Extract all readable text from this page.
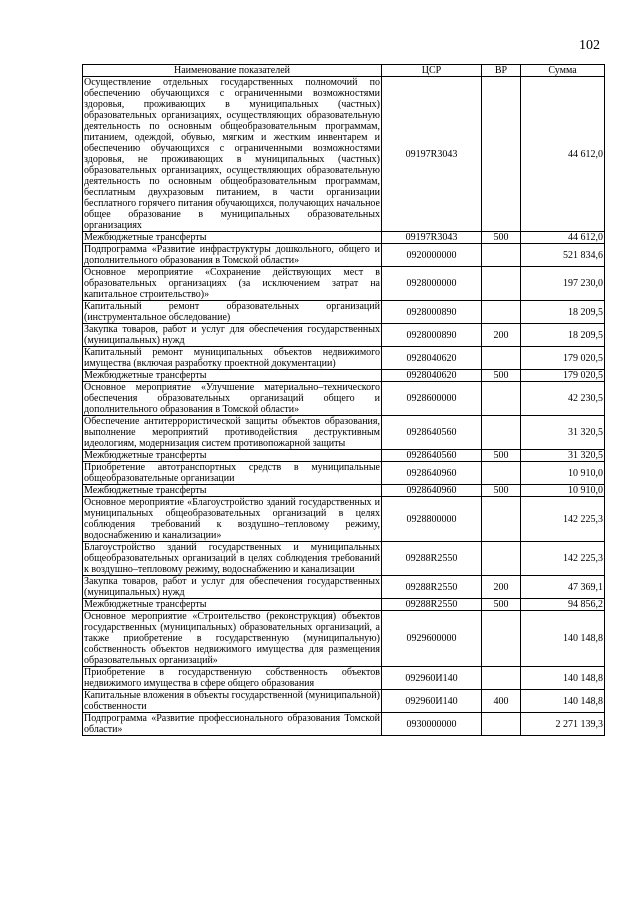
102
Наименование показателей	ЦСР	ВР	Сумма
Осуществление отдельных государственных полномочий по обеспечению обучающихся с ограниченными возможностями здоровья, проживающих в муниципальных (частных) образовательных организациях, осуществляющих образовательную деятельность по основным общеобразовательным программам, питанием, одеждой, обувью, мягким и жестким инвентарем и обеспечению обучающихся с ограниченными возможностями здоровья, не проживающих в муниципальных (частных) образовательных организациях, осуществляющих образовательную деятельность по основным общеобразовательным программам, бесплатным двухразовым питанием, в части организации бесплатного горячего питания обучающихся, получающих начальное общее образование в муниципальных образовательных организациях	09197R3043		44 612,0
Межбюджетные трансферты	09197R3043	500	44 612,0
Подпрограмма «Развитие инфраструктуры дошкольного, общего и дополнительного образования в Томской области»	0920000000		521 834,6
Основное мероприятие «Сохранение действующих мест в образовательных организациях (за исключением затрат на капитальное строительство)»	0928000000		197 230,0
Капитальный ремонт образовательных организаций (инструментальное обследование)	0928000890		18 209,5
Закупка товаров, работ и услуг для обеспечения государственных (муниципальных) нужд	0928000890	200	18 209,5
Капитальный ремонт муниципальных объектов недвижимого имущества (включая разработку проектной документации)	0928040620		179 020,5
Межбюджетные трансферты	0928040620	500	179 020,5
Основное мероприятие «Улучшение материально–технического обеспечения образовательных организаций общего и дополнительного образования в Томской области»	0928600000		42 230,5
Обеспечение антитеррористической защиты объектов образования, выполнение мероприятий противодействия деструктивным идеологиям, модернизация систем противопожарной защиты	0928640560		31 320,5
Межбюджетные трансферты	0928640560	500	31 320,5
Приобретение автотранспортных средств в муниципальные общеобразовательные организации	0928640960		10 910,0
Межбюджетные трансферты	0928640960	500	10 910,0
Основное мероприятие «Благоустройство зданий государственных и муниципальных общеобразовательных организаций в целях соблюдения требований к воздушно–тепловому режиму, водоснабжению и канализации»	0928800000		142 225,3
Благоустройство зданий государственных и муниципальных общеобразовательных организаций в целях соблюдения требований к воздушно–тепловому режиму, водоснабжению и канализации	09288R2550		142 225,3
Закупка товаров, работ и услуг для обеспечения государственных (муниципальных) нужд	09288R2550	200	47 369,1
Межбюджетные трансферты	09288R2550	500	94 856,2
Основное мероприятие «Строительство (реконструкция) объектов государственных (муниципальных) образовательных организаций, а также приобретение в государственную (муниципальную) собственность объектов недвижимого имущества для размещения образовательных организаций»	0929600000		140 148,8
Приобретение в государственную собственность объектов недвижимого имущества в сфере общего образования	092960И140		140 148,8
Капитальные вложения в объекты государственной (муниципальной) собственности	092960И140	400	140 148,8
Подпрограмма «Развитие профессионального образования Томской области»	0930000000		2 271 139,3
